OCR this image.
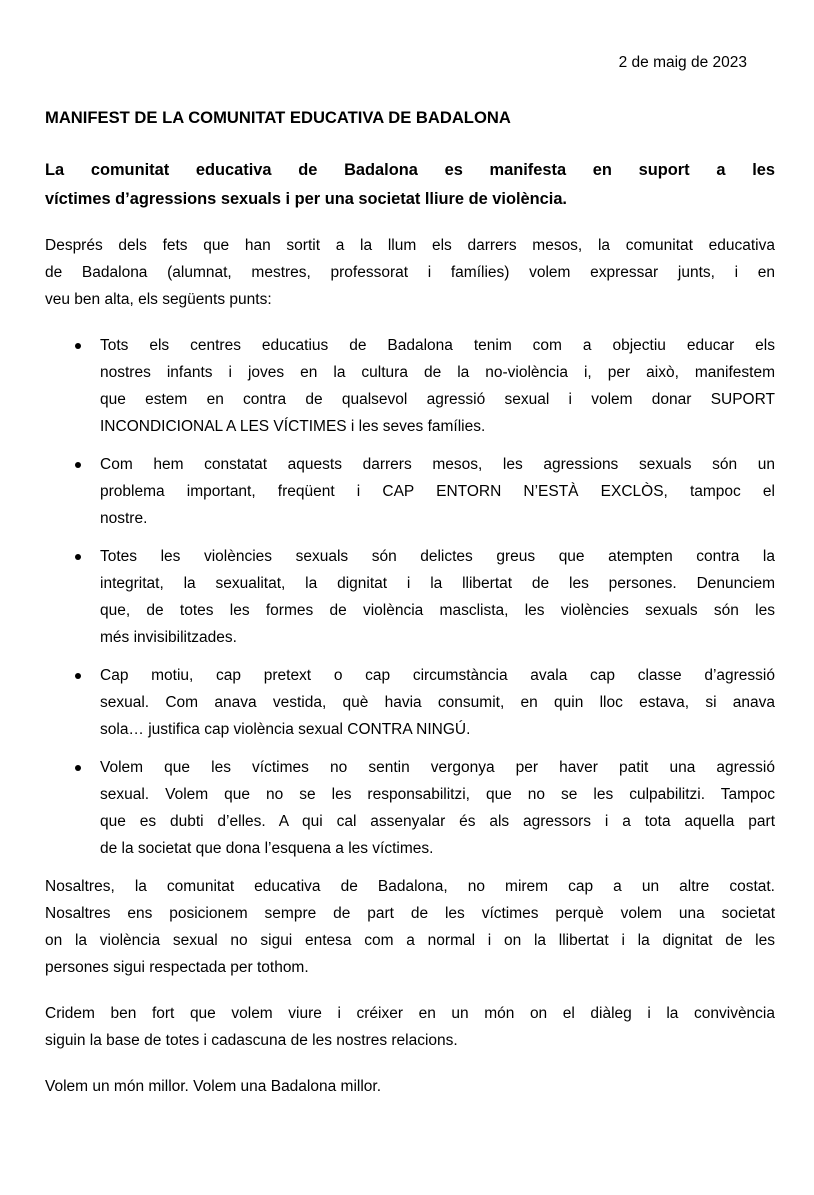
2 de maig de 2023
MANIFEST DE LA COMUNITAT EDUCATIVA DE BADALONA
La comunitat educativa de Badalona es manifesta en suport a les
víctimes d’agressions sexuals i per una societat lliure de violència.
Després dels fets que han sortit a la llum els darrers mesos, la comunitat educativa
de Badalona (alumnat, mestres, professorat i famílies) volem expressar junts, i en
veu ben alta, els següents punts:
Tots els centres educatius de Badalona tenim com a objectiu educar els
nostres infants i joves en la cultura de la no-violència i, per això, manifestem
que estem en contra de qualsevol agressió sexual i volem donar SUPORT
INCONDICIONAL A LES VÍCTIMES i les seves famílies.
Com hem constatat aquests darrers mesos, les agressions sexuals són un
problema important, freqüent i CAP ENTORN N’ESTÀ EXCLÒS, tampoc el
nostre.
Totes les violències sexuals són delictes greus que atempten contra la
integritat, la sexualitat, la dignitat i la llibertat de les persones. Denunciem
que, de totes les formes de violència masclista, les violències sexuals són les
més invisibilitzades.
Cap motiu, cap pretext o cap circumstància avala cap classe d’agressió
sexual. Com anava vestida, què havia consumit, en quin lloc estava, si anava
sola… justifica cap violència sexual CONTRA NINGÚ.
Volem que les víctimes no sentin vergonya per haver patit una agressió
sexual. Volem que no se les responsabilitzi, que no se les culpabilitzi. Tampoc
que es dubti d’elles. A qui cal assenyalar és als agressors i a tota aquella part
de la societat que dona l’esquena a les víctimes.
Nosaltres, la comunitat educativa de Badalona, no mirem cap a un altre costat.
Nosaltres ens posicionem sempre de part de les víctimes perquè volem una societat
on la violència sexual no sigui entesa com a normal i on la llibertat i la dignitat de les
persones sigui respectada per tothom.
Cridem ben fort que volem viure i créixer en un món on el diàleg i la convivència
siguin la base de totes i cadascuna de les nostres relacions.
Volem un món millor. Volem una Badalona millor.
